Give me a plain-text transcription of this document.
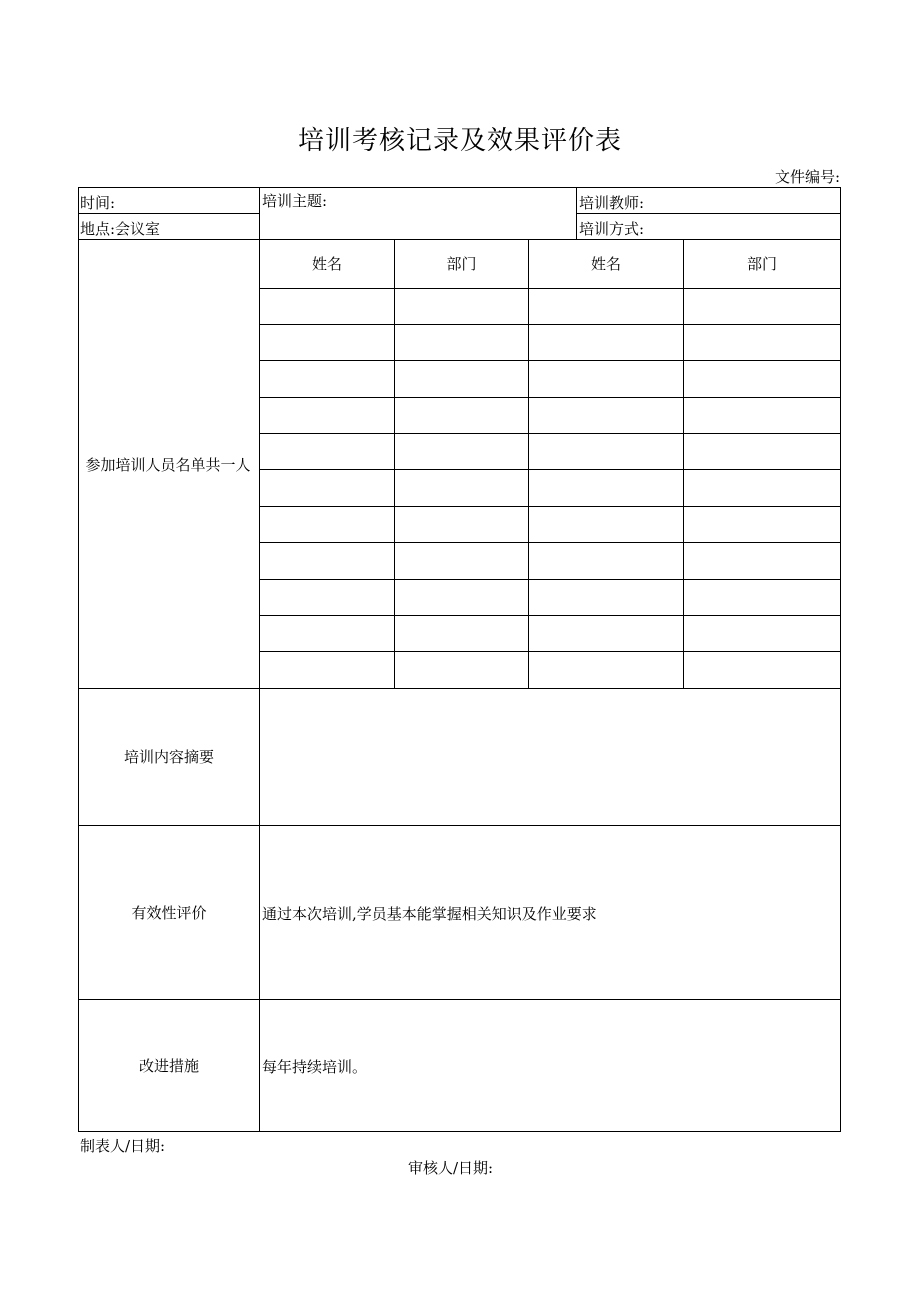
培训考核记录及效果评价表
文件编号:
时间:
地点:会议室
培训主题:	培训教师:
培训方式:
参加培训人员名单共一人
姓名	部门	姓名	部门
培训内容摘要
有效性评价	通过本次培训,学员基本能掌握相关知识及作业要求
改进措施	每年持续培训。
制表人/日期:
审核人/日期:
